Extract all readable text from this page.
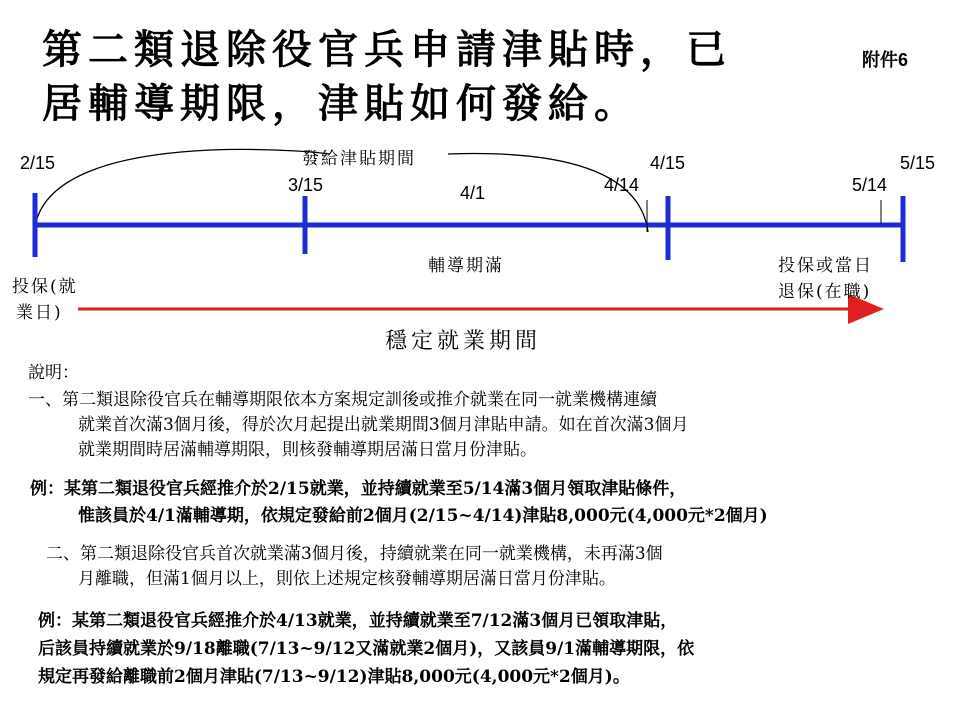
第二類退除役官兵申請津貼時，已
居輔導期限，津貼如何發給。
附件6
發給津貼期間
2/15
3/15	4/1	4/14
4/15
5/14
5/15
輔導期滿
投保(就
業日)
投保或當日
退保(在職)
穩定就業期間
說明：
一、第二類退除役官兵在輔導期限依本方案規定訓後或推介就業在同一就業機構連續
就業首次滿3個月後，得於次月起提出就業期間3個月津貼申請。如在首次滿3個月
就業期間時居滿輔導期限，則核發輔導期居滿日當月份津貼。
例：某第二類退役官兵經推介於2/15就業，並持續就業至5/14滿3個月領取津貼條件，
惟該員於4/1滿輔導期，依規定發給前2個月(2/15~4/14)津貼8,000元(4,000元*2個月)
二、第二類退除役官兵首次就業滿3個月後，持續就業在同一就業機構，未再滿3個
月離職，但滿1個月以上，則依上述規定核發輔導期居滿日當月份津貼。
例：某第二類退役官兵經推介於4/13就業，並持續就業至7/12滿3個月已領取津貼，
后該員持續就業於9/18離職(7/13~9/12又滿就業2個月)，又該員9/1滿輔導期限，依
規定再發給離職前2個月津貼(7/13~9/12)津貼8,000元(4,000元*2個月)。
